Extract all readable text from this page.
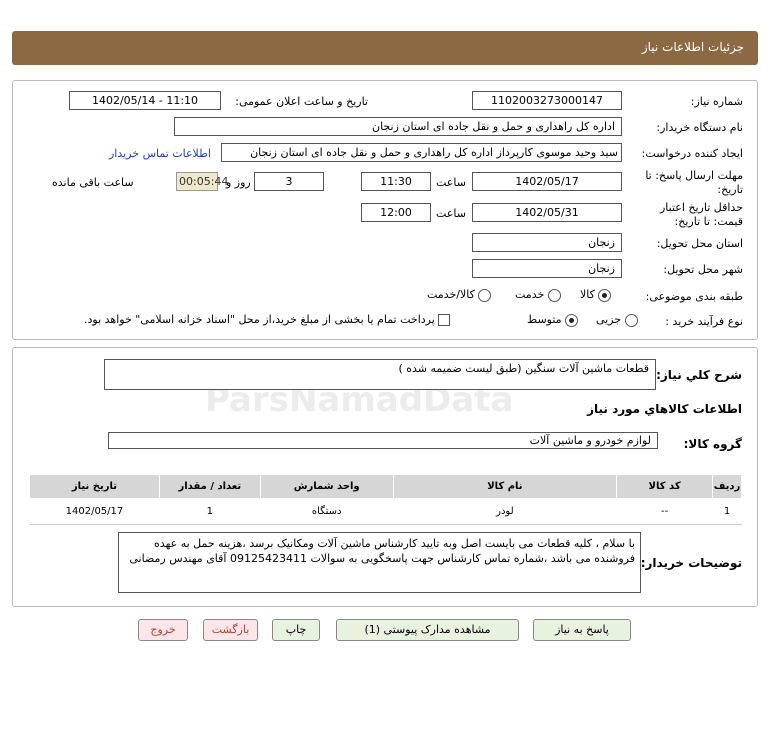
جزئیات اطلاعات نیاز
شماره نیاز:
1102003273000147
تاریخ و ساعت اعلان عمومی:
1402/05/14 - 11:10
نام دستگاه خریدار:
اداره کل راهداری و حمل و نقل جاده ای استان زنجان
ایجاد کننده درخواست:
سید وحید موسوی کارپرداز اداره کل راهداری و حمل و نقل جاده ای استان زنجان
اطلاعات تماس خریدار
مهلت ارسال پاسخ: تا
تاریخ:
1402/05/17
ساعت
11:30
3
روز و
00:05:44
ساعت باقی مانده
حداقل تاریخ اعتبار
قیمت: تا تاریخ:
1402/05/31
ساعت
12:00
استان محل تحویل:
زنجان
شهر محل تحویل:
زنجان
طبقه بندی موضوعی:
کالا
خدمت
کالا/خدمت
نوع فرآیند خرید :
جزیی
متوسط
پرداخت تمام یا بخشی از مبلغ خرید،از محل "اسناد خزانه اسلامی" خواهد بود.
شرح کلي نياز:
قطعات ماشین آلات سنگین (طبق لیست ضمیمه شده )
اطلاعات کالاهاي مورد نياز
گروه کالا:
لوازم خودرو و ماشین آلات
ردیف	کد کالا	نام کالا	واحد شمارش	تعداد / مقدار	تاریخ نیاز
1	--	لودر	دستگاه	1	1402/05/17
توضیحات خریدار:
با سلام ، کلیه قطعات می بایست اصل وبه تایید کارشناس ماشین آلات ومکانیک برسد ،هزینه حمل به عهده فروشنده می باشد ،شماره تماس کارشناس جهت پاسخگویی به سوالات 09125423411 آقای مهندس رمضانی
پاسخ به نیاز
مشاهده مدارک پیوستی (1)
چاپ
بازگشت
خروج
